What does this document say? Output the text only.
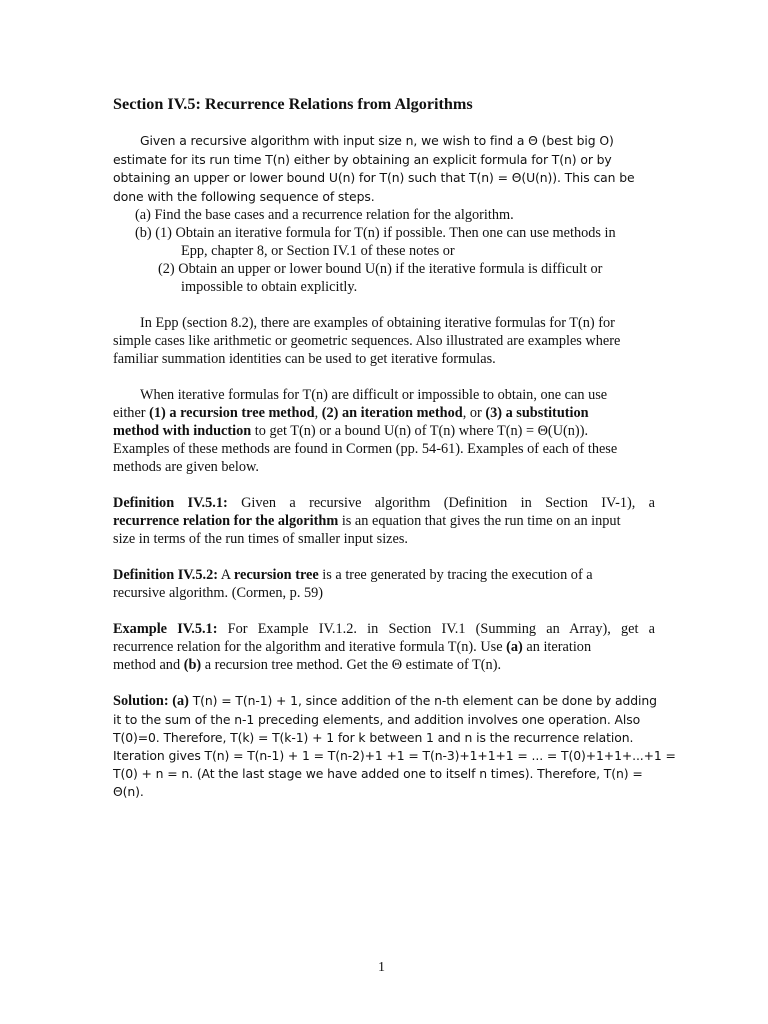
Section IV.5: Recurrence Relations from Algorithms
Given a recursive algorithm with input size n, we wish to find a Θ (best big O)
estimate for its run time T(n) either by obtaining an explicit formula for T(n) or by
obtaining an upper or lower bound U(n) for T(n) such that T(n) = Θ(U(n)). This can be
done with the following sequence of steps.
(a) Find the base cases and a recurrence relation for the algorithm.
(b) (1) Obtain an iterative formula for T(n) if possible. Then one can use methods in
Epp, chapter 8, or Section IV.1 of these notes or
(2) Obtain an upper or lower bound U(n) if the iterative formula is difficult or
impossible to obtain explicitly.
In Epp (section 8.2), there are examples of obtaining iterative formulas for T(n) for
simple cases like arithmetic or geometric sequences. Also illustrated are examples where
familiar summation identities can be used to get iterative formulas.
When iterative formulas for T(n) are difficult or impossible to obtain, one can use
either (1) a recursion tree method, (2) an iteration method, or (3) a substitution
method with induction to get T(n) or a bound U(n) of T(n) where T(n) = Θ(U(n)).
Examples of these methods are found in Cormen (pp. 54-61). Examples of each of these
methods are given below.
Definition IV.5.1: Given a recursive algorithm (Definition in Section IV-1), a
recurrence relation for the algorithm is an equation that gives the run time on an input
size in terms of the run times of smaller input sizes.
Definition IV.5.2: A recursion tree is a tree generated by tracing the execution of a
recursive algorithm. (Cormen, p. 59)
Example IV.5.1: For Example IV.1.2. in Section IV.1 (Summing an Array), get a
recurrence relation for the algorithm and iterative formula T(n). Use (a) an iteration
method and (b) a recursion tree method. Get the Θ estimate of T(n).
Solution: (a) T(n) = T(n-1) + 1, since addition of the n-th element can be done by adding
it to the sum of the n-1 preceding elements, and addition involves one operation. Also
T(0)=0. Therefore, T(k) = T(k-1) + 1 for k between 1 and n is the recurrence relation.
Iteration gives T(n) = T(n-1) + 1 = T(n-2)+1 +1 = T(n-3)+1+1+1 = ... = T(0)+1+1+...+1 =
T(0) + n = n. (At the last stage we have added one to itself n times). Therefore, T(n) =
Θ(n).
1
